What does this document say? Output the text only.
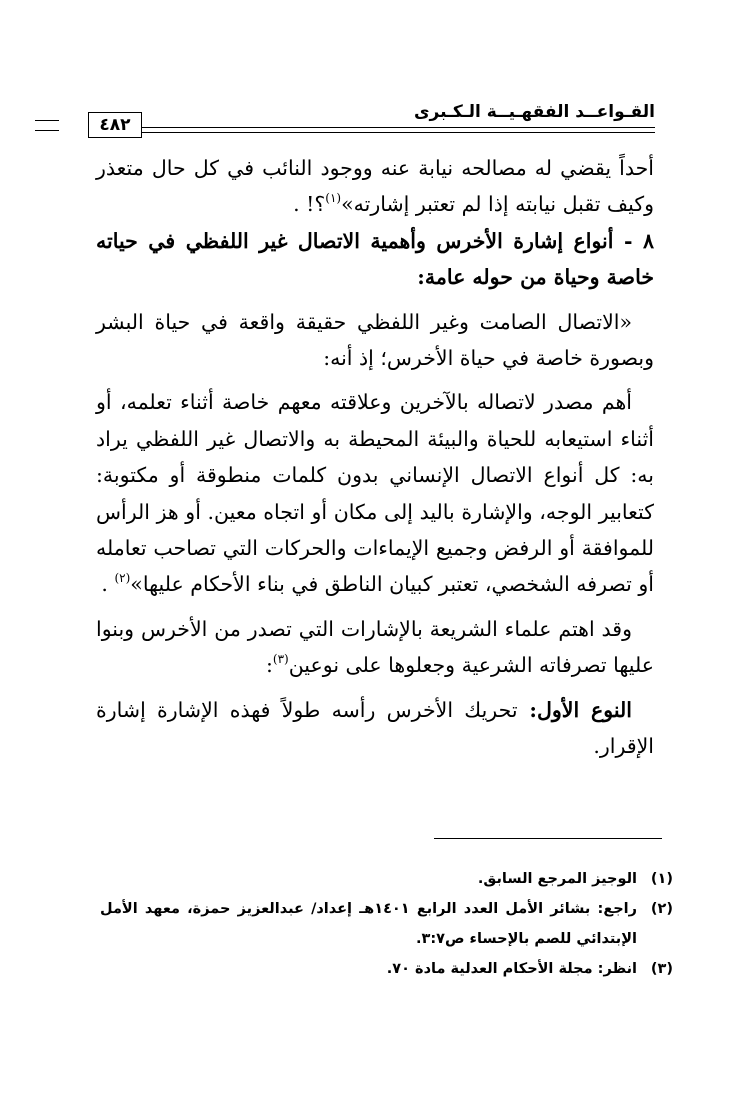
القـواعــد الفقهـيــة الـكـبرى
٤٨٢

أحداً يقضي له مصالحه نيابة عنه ووجود النائب في كل حال متعذر وكيف تقبل نيابته إذا لم تعتبر إشارته»$^{(١)}$؟! .

٨ - أنواع إشارة الأخرس وأهمية الاتصال غير اللفظي في حياته خاصة وحياة من حوله عامة:

«الاتصال الصامت وغير اللفظي حقيقة واقعة في حياة البشر وبصورة خاصة في حياة الأخرس؛ إذ أنه:

أهم مصدر لاتصاله بالآخرين وعلاقته معهم خاصة أثناء تعلمه، أو أثناء استيعابه للحياة والبيئة المحيطة به والاتصال غير اللفظي يراد به: كل أنواع الاتصال الإنساني بدون كلمات منطوقة أو مكتوبة: كتعابير الوجه، والإشارة باليد إلى مكان أو اتجاه معين. أو هز الرأس للموافقة أو الرفض وجميع الإيماءات والحركات التي تصاحب تعامله أو تصرفه الشخصي، تعتبر كبيان الناطق في بناء الأحكام عليها»$^{(٢)}$ .

وقد اهتم علماء الشريعة بالإشارات التي تصدر من الأخرس وبنوا عليها تصرفاته الشرعية وجعلوها على نوعين$^{(٣)}$:

النوع الأول: تحريك الأخرس رأسه طولاً فهذه الإشارة إشارة الإقرار.

(١)
الوجيز المرجع السابق.

(٢)
راجع: بشائر الأمل العدد الرابع ١٤٠١هـ إعداد/ عبدالعزيز حمزة، معهد الأمل الإبتدائي للصم بالإحساء ص٣:٧.

(٣)
انظر: مجلة الأحكام العدلية مادة ٧٠.
